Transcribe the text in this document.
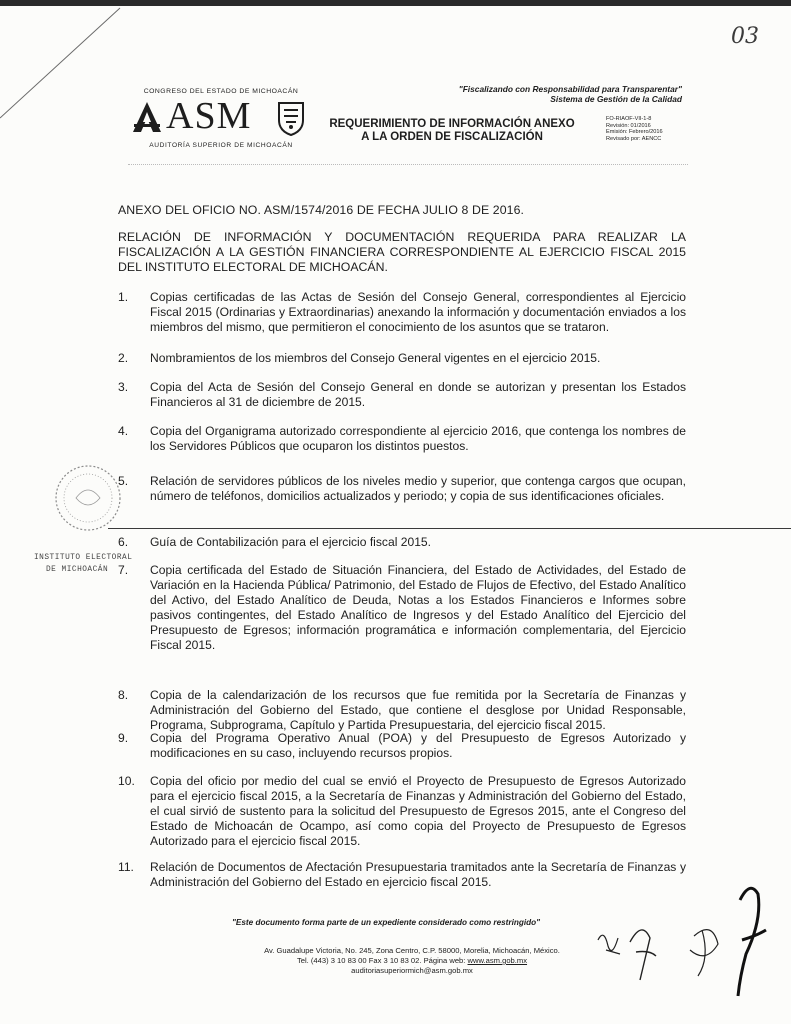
03
CONGRESO DEL ESTADO DE MICHOACÁN
ASM
AUDITORÍA SUPERIOR DE MICHOACÁN
"Fiscalizando con Responsabilidad para Transparentar"
Sistema de Gestión de la Calidad
REQUERIMIENTO DE INFORMACIÓN ANEXO
A LA ORDEN DE FISCALIZACIÓN
FO-RIAOF-VII-1-8
Revisión: 01/2016
Emisión: Febrero/2016
Revisado por: AENCC
ANEXO DEL OFICIO NO. ASM/1574/2016 DE FECHA JULIO 8 DE 2016.
RELACIÓN DE INFORMACIÓN Y DOCUMENTACIÓN REQUERIDA PARA REALIZAR LA FISCALIZACIÓN A LA GESTIÓN FINANCIERA CORRESPONDIENTE AL EJERCICIO FISCAL 2015 DEL INSTITUTO ELECTORAL DE MICHOACÁN.
INSTITUTO ELECTORAL
DE MICHOACÁN
1.	Copias certificadas de las Actas de Sesión del Consejo General, correspondientes al Ejercicio Fiscal 2015 (Ordinarias y Extraordinarias) anexando la información y documentación enviados a los miembros del mismo, que permitieron el conocimiento de los asuntos que se trataron.
2.	Nombramientos de los miembros del Consejo General vigentes en el ejercicio 2015.
3.	Copia del Acta de Sesión del Consejo General en donde se autorizan y presentan los Estados Financieros al 31 de diciembre de 2015.
4.	Copia del Organigrama autorizado correspondiente al ejercicio 2016, que contenga los nombres de los Servidores Públicos que ocuparon los distintos puestos.
5.	Relación de servidores públicos de los niveles medio y superior, que contenga cargos que ocupan, número de teléfonos, domicilios actualizados y periodo; y copia de sus identificaciones oficiales.
6.	Guía de Contabilización para el ejercicio fiscal 2015.
7.	Copia certificada del Estado de Situación Financiera, del Estado de Actividades, del Estado de Variación en la Hacienda Pública/ Patrimonio, del Estado de Flujos de Efectivo, del Estado Analítico del Activo, del Estado Analítico de Deuda, Notas a los Estados Financieros e Informes sobre pasivos contingentes, del Estado Analítico de Ingresos y del Estado Analítico del Ejercicio del Presupuesto de Egresos; información programática e información complementaria, del Ejercicio Fiscal 2015.
8.	Copia de la calendarización de los recursos que fue remitida por la Secretaría de Finanzas y Administración del Gobierno del Estado, que contiene el desglose por Unidad Responsable, Programa, Subprograma, Capítulo y Partida Presupuestaria, del ejercicio fiscal 2015.
9.	Copia del Programa Operativo Anual (POA) y del Presupuesto de Egresos Autorizado y modificaciones en su caso, incluyendo recursos propios.
10.	Copia del oficio por medio del cual se envió el Proyecto de Presupuesto de Egresos Autorizado para el ejercicio fiscal 2015, a la Secretaría de Finanzas y Administración del Gobierno del Estado, el cual sirvió de sustento para la solicitud del Presupuesto de Egresos 2015, ante el Congreso del Estado de Michoacán de Ocampo, así como copia del Proyecto de Presupuesto de Egresos Autorizado para el ejercicio fiscal 2015.
11.	Relación de Documentos de Afectación Presupuestaria tramitados ante la Secretaría de Finanzas y Administración del Gobierno del Estado en ejercicio fiscal 2015.
"Este documento forma parte de un expediente considerado como restringido"
Av. Guadalupe Victoria, No. 245, Zona Centro, C.P. 58000, Morelia, Michoacán, México.
Tel. (443) 3 10 83 00 Fax 3 10 83 02. Página web: www.asm.gob.mx
auditoriasuperiormich@asm.gob.mx
